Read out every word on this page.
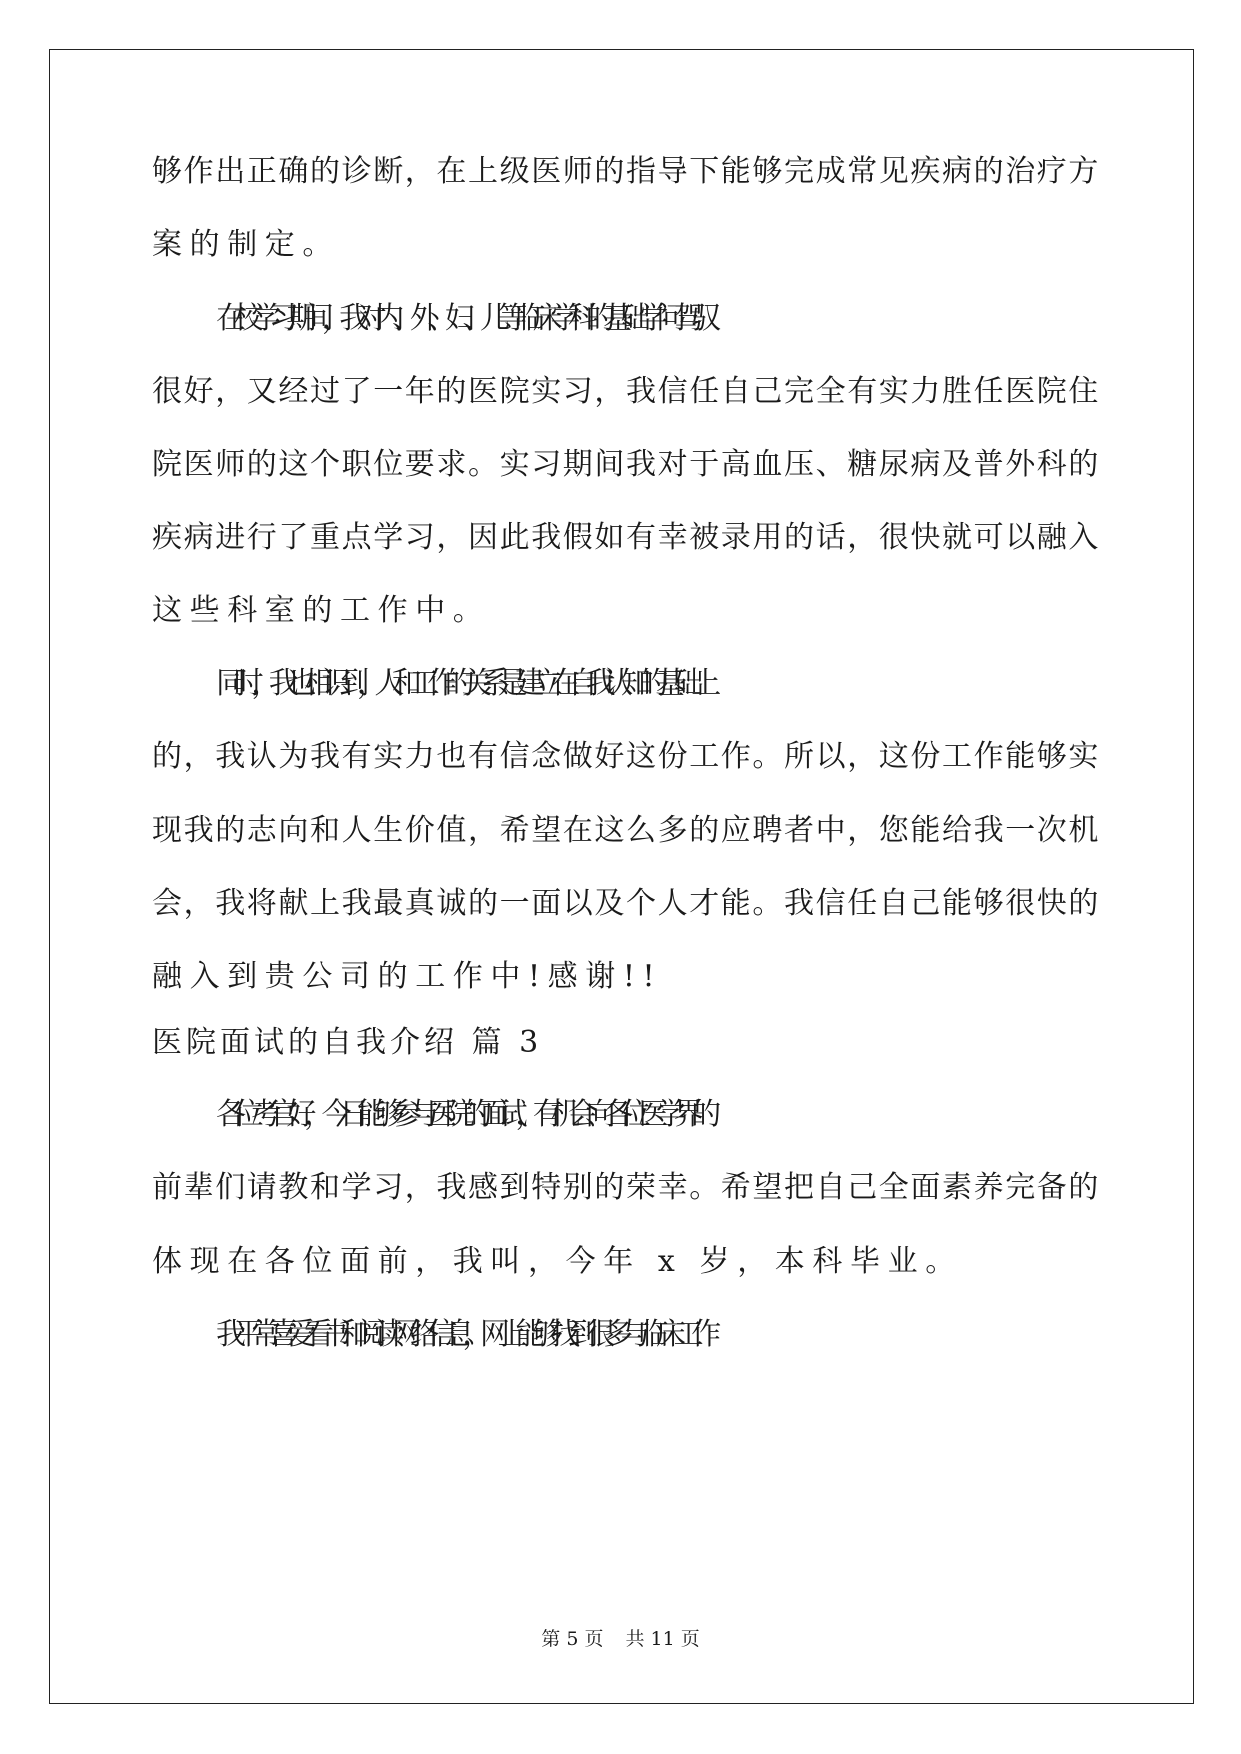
够作出正确的诊断，在上级医师的指导下能够完成常见疾病的治疗方
案的制定。
在校学习期间，我对内、外、妇、儿等临床学科的基础学问驾驭
很好，又经过了一年的医院实习，我信任自己完全有实力胜任医院住
院医师的这个职位要求。实习期间我对于高血压、糖尿病及普外科的
疾病进行了重点学习，因此我假如有幸被录用的话，很快就可以融入
这些科室的工作中。
同时，我也相识到，人和工作的关系是建立在自我认知的基础上
的，我认为我有实力也有信念做好这份工作。所以，这份工作能够实
现我的志向和人生价值，希望在这么多的应聘者中，您能给我一次机
会，我将献上我最真诚的一面以及个人才能。我信任自己能够很快的
融入到贵公司的工作中!感谢!!
医院面试的自我介绍 篇 3
各位考官好，今日能够参与医院的面试，有机会向各位医学界的
前辈们请教和学习，我感到特别的荣幸。希望把自己全面素养完备的
体现在各位面前，我叫，今年 x 岁，本科毕业。
我平常喜爱看书和阅读网络信息，网上能够找到很多与临床工作
第 5 页 共 11 页
